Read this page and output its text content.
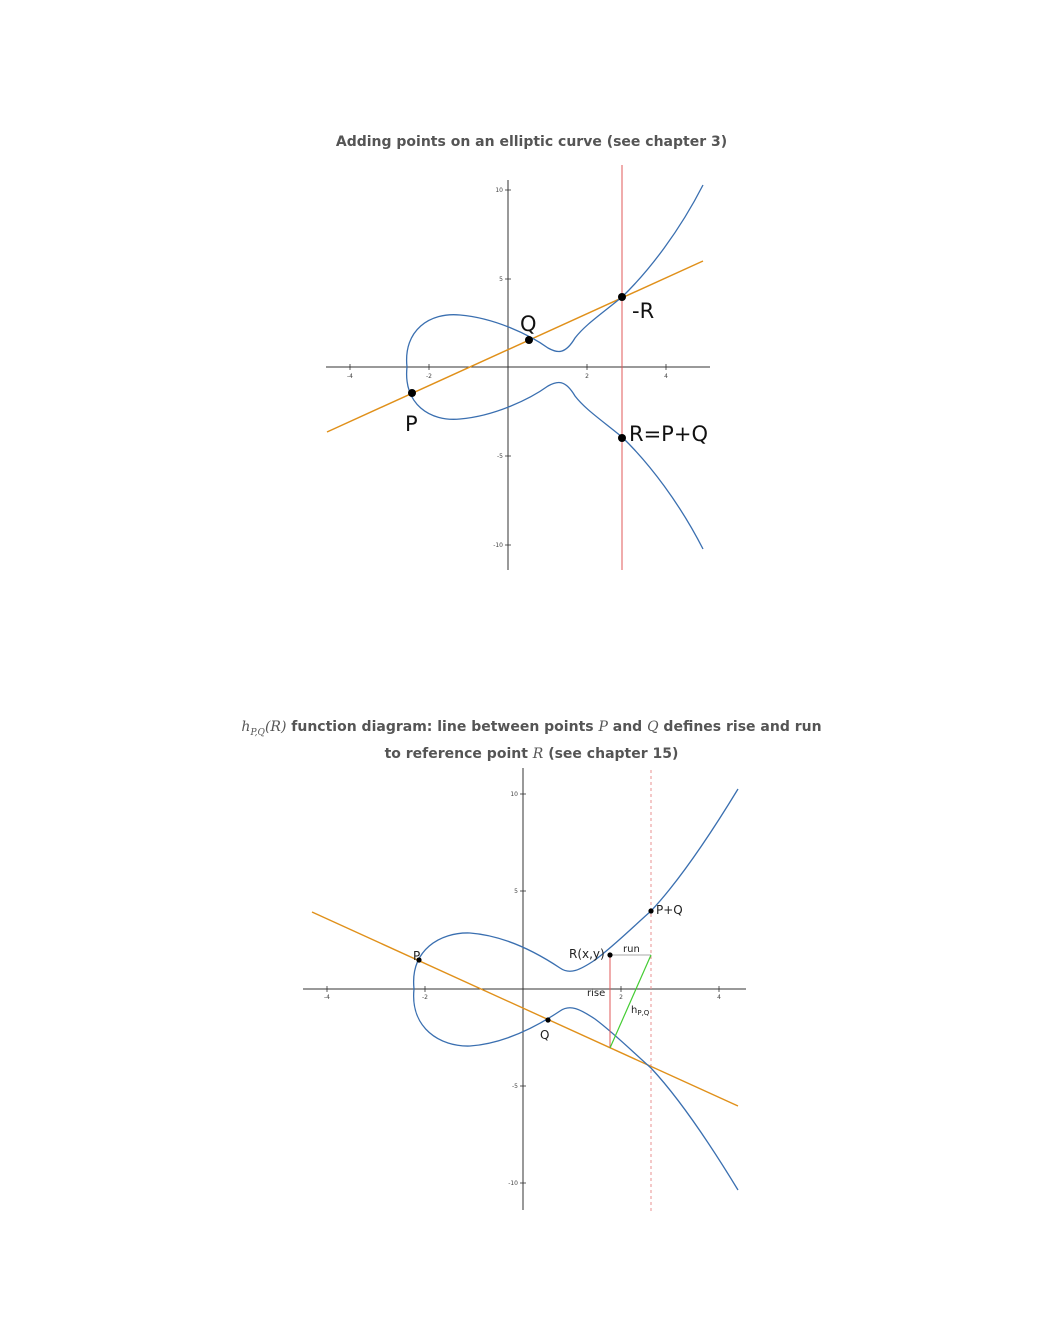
Adding points on an elliptic curve (see chapter 3)
$h_{P,Q}(R)$ function diagram: line between points P and Q defines rise and run
to reference point R (see chapter 15)
-4	-2	2	4
10
5
-5
-10
P
Q
-R
R=P+Q
-4	-2	2	4
10
5
-5
-10
P
Q
P+Q
R(x,y) run
rise
$h_{P,Q}$
